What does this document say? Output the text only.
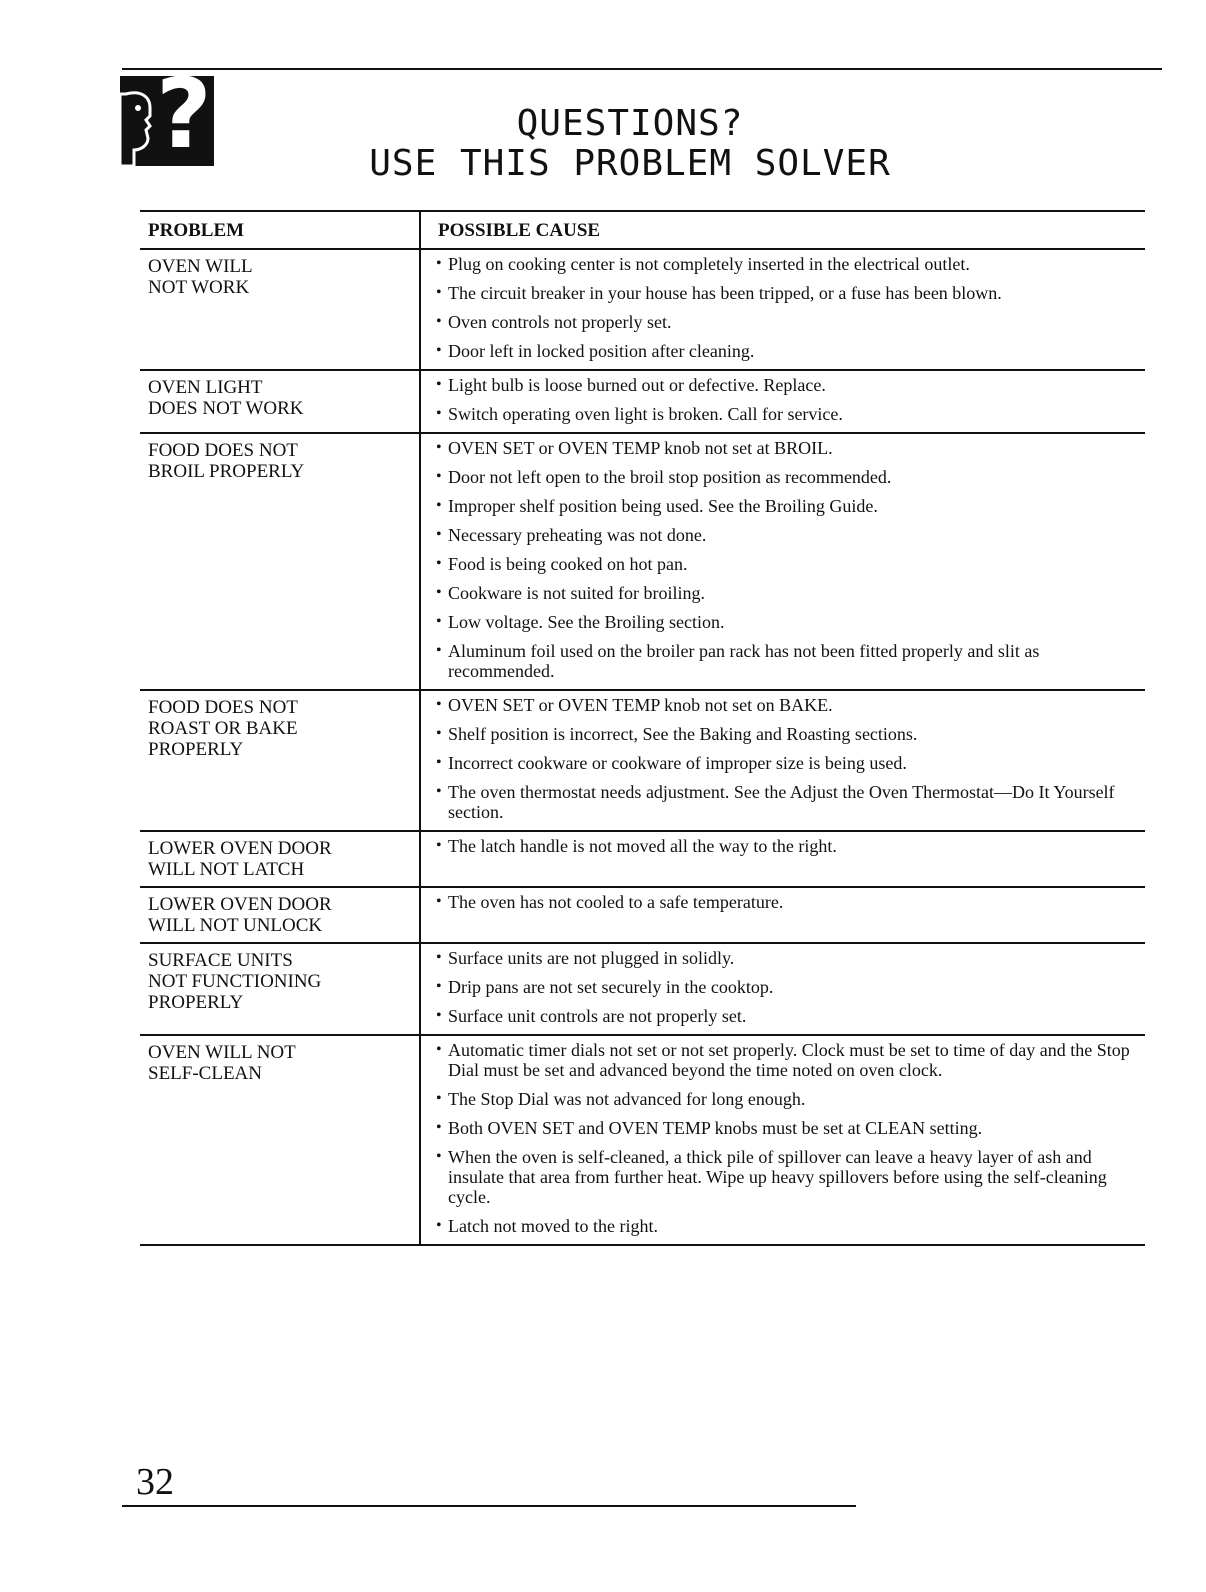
?	QUESTIONS?
USE THIS PROBLEM SOLVER
PROBLEM	POSSIBLE CAUSE
OVEN WILL
NOT WORK
• Plug on cooking center is not completely inserted in the electrical outlet.
• The circuit breaker in your house has been tripped, or a fuse has been blown.
• Oven controls not properly set.
• Door left in locked position after cleaning.
OVEN LIGHT
DOES NOT WORK
• Light bulb is loose burned out or defective. Replace.
• Switch operating oven light is broken. Call for service.
FOOD DOES NOT
BROIL PROPERLY
• OVEN SET or OVEN TEMP knob not set at BROIL.
• Door not left open to the broil stop position as recommended.
• Improper shelf position being used. See the Broiling Guide.
• Necessary preheating was not done.
• Food is being cooked on hot pan.
• Cookware is not suited for broiling.
• Low voltage. See the Broiling section.
• Aluminum foil used on the broiler pan rack has not been fitted properly and slit as recommended.
FOOD DOES NOT
ROAST OR BAKE
PROPERLY
• OVEN SET or OVEN TEMP knob not set on BAKE.
• Shelf position is incorrect, See the Baking and Roasting sections.
• Incorrect cookware or cookware of improper size is being used.
• The oven thermostat needs adjustment. See the Adjust the Oven Thermostat—Do It Yourself section.
LOWER OVEN DOOR
WILL NOT LATCH
• The latch handle is not moved all the way to the right.
LOWER OVEN DOOR
WILL NOT UNLOCK
• The oven has not cooled to a safe temperature.
SURFACE UNITS
NOT FUNCTIONING
PROPERLY
• Surface units are not plugged in solidly.
• Drip pans are not set securely in the cooktop.
• Surface unit controls are not properly set.
OVEN WILL NOT
SELF-CLEAN
• Automatic timer dials not set or not set properly. Clock must be set to time of day and the Stop Dial must be set and advanced beyond the time noted on oven clock.
• The Stop Dial was not advanced for long enough.
• Both OVEN SET and OVEN TEMP knobs must be set at CLEAN setting.
• When the oven is self-cleaned, a thick pile of spillover can leave a heavy layer of ash and insulate that area from further heat. Wipe up heavy spillovers before using the self-cleaning cycle.
• Latch not moved to the right.
32
